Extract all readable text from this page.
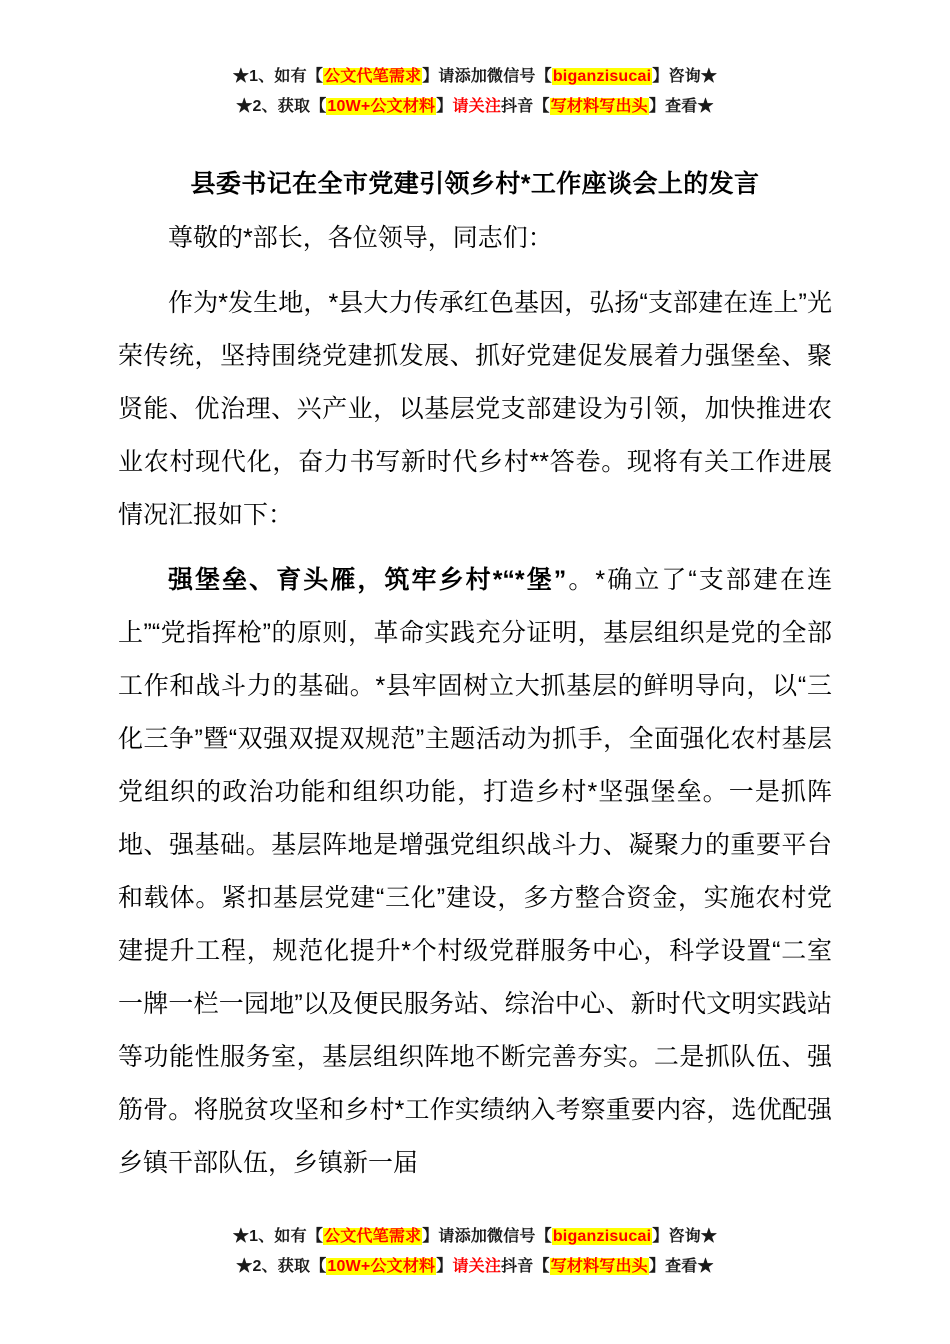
★1、如有【公文代笔需求】请添加微信号【biganzisucai】咨询★
★2、获取【10W+公文材料】请关注抖音【写材料写出头】查看★
县委书记在全市党建引领乡村*工作座谈会上的发言

尊敬的*部长，各位领导，同志们：

作为*发生地，*县大力传承红色基因，弘扬“支部建在连上”光荣传统，坚持围绕党建抓发展、抓好党建促发展着力强堡垒、聚贤能、优治理、兴产业，以基层党支部建设为引领，加快推进农业农村现代化，奋力书写新时代乡村**答卷。现将有关工作进展情况汇报如下：

强堡垒、育头雁，筑牢乡村*“*堡”。*确立了“支部建在连上”“党指挥枪”的原则，革命实践充分证明，基层组织是党的全部工作和战斗力的基础。*县牢固树立大抓基层的鲜明导向，以“三化三争”暨“双强双提双规范”主题活动为抓手，全面强化农村基层党组织的政治功能和组织功能，打造乡村*坚强堡垒。一是抓阵地、强基础。基层阵地是增强党组织战斗力、凝聚力的重要平台和载体。紧扣基层党建“三化”建设，多方整合资金，实施农村党建提升工程，规范化提升*个村级党群服务中心，科学设置“二室一牌一栏一园地”以及便民服务站、综治中心、新时代文明实践站等功能性服务室，基层组织阵地不断完善夯实。二是抓队伍、强筋骨。将脱贫攻坚和乡村*工作实绩纳入考察重要内容，选优配强乡镇干部队伍，乡镇新一届

★1、如有【公文代笔需求】请添加微信号【biganzisucai】咨询★
★2、获取【10W+公文材料】请关注抖音【写材料写出头】查看★
